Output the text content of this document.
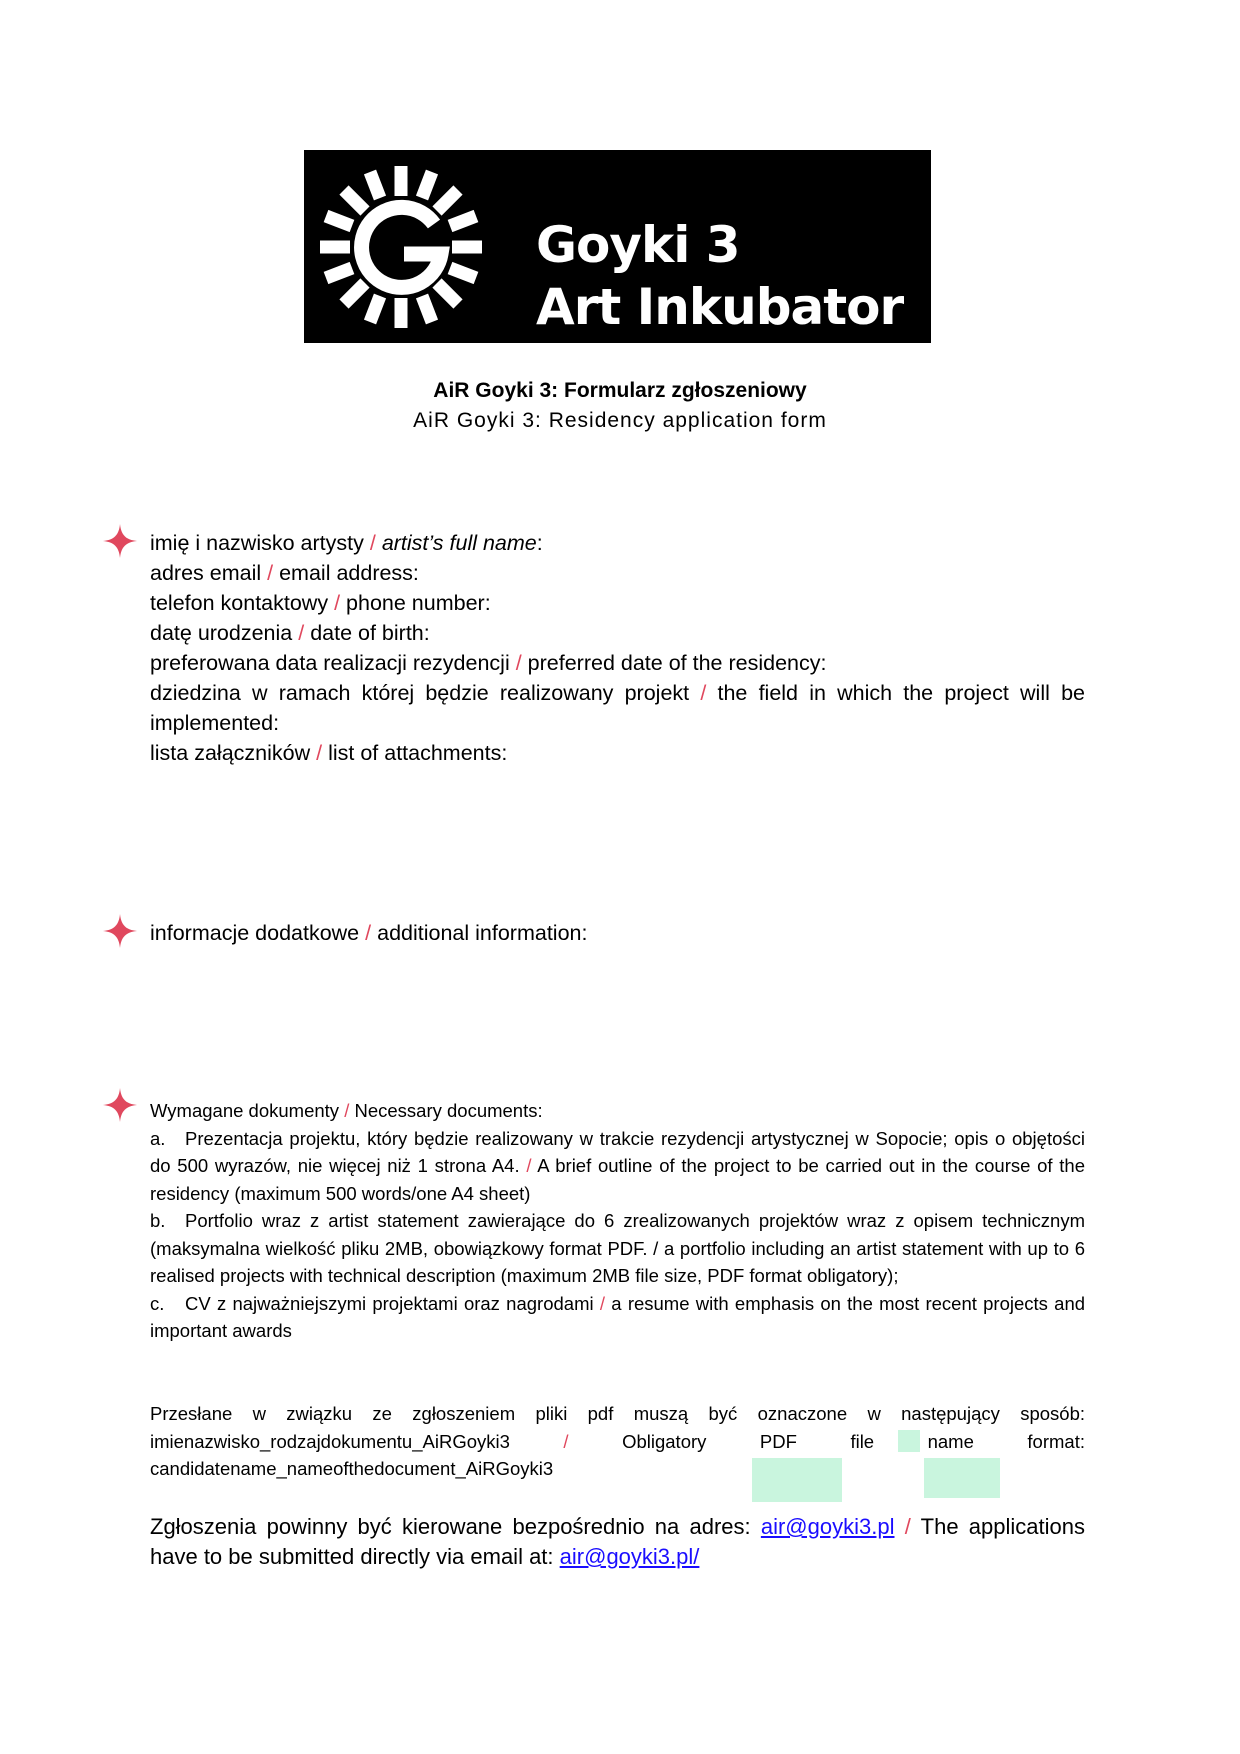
Goyki 3
Art Inkubator
AiR Goyki 3: Formularz zgłoszeniowy
AiR Goyki 3: Residency application form
imię i nazwisko artysty / artist’s full name:
adres email / email address:
telefon kontaktowy / phone number:
datę urodzenia / date of birth:
preferowana data realizacji rezydencji / preferred date of the residency:
dziedzina w ramach której będzie realizowany projekt / the field in which the project will be implemented:
lista załączników / list of attachments:
informacje dodatkowe / additional information:
Wymagane dokumenty / Necessary documents:
a. Prezentacja projektu, który będzie realizowany w trakcie rezydencji artystycznej w Sopocie; opis o objętości do 500 wyrazów, nie więcej niż 1 strona A4. / A brief outline of the project to be carried out in the course of the residency (maximum 500 words/one A4 sheet)
b. Portfolio wraz z artist statement zawierające do 6 zrealizowanych projektów wraz z opisem technicznym (maksymalna wielkość pliku 2MB, obowiązkowy format PDF. / a portfolio including an artist statement with up to 6 realised projects with technical description (maximum 2MB file size, PDF format obligatory);
c. CV z najważniejszymi projektami oraz nagrodami / a resume with emphasis on the most recent projects and important awards
Przesłane w związku ze zgłoszeniem pliki pdf muszą być oznaczone w następujący sposób:
imienazwisko_rodzajdokumentu_AiRGoyki3	/	Obligatory	PDF	file	name	format:
candidatename_nameofthedocument_AiRGoyki3
Zgłoszenia powinny być kierowane bezpośrednio na adres: air@goyki3.pl / The applications have to be submitted directly via email at: air@goyki3.pl/
